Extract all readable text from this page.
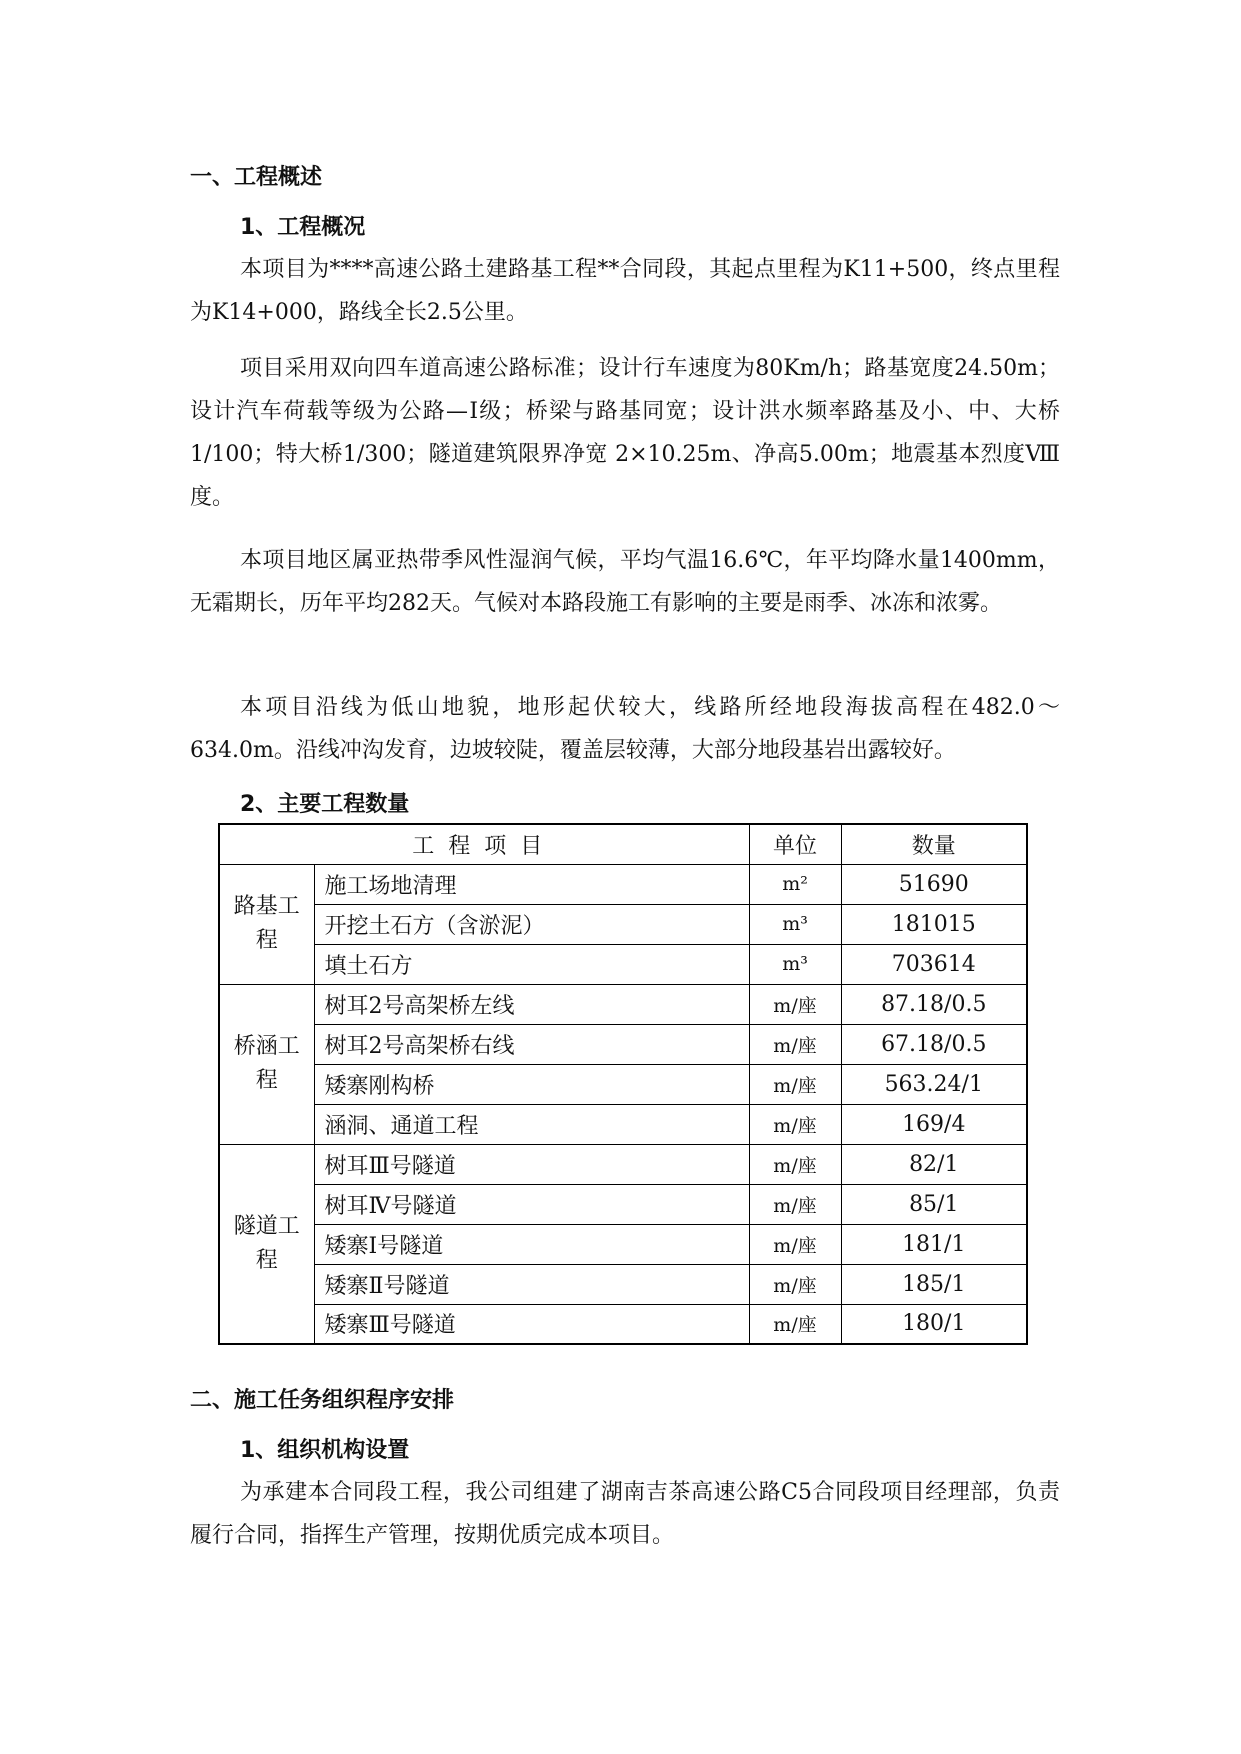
一、工程概述
1、工程概况

本项目为****高速公路土建路基工程**合同段，其起点里程为K11+500，终点里程为K14+000，路线全长2.5公里。

项目采用双向四车道高速公路标准；设计行车速度为80Km/h；路基宽度24.50m；设计汽车荷载等级为公路—Ⅰ级；桥梁与路基同宽；设计洪水频率路基及小、中、大桥1/100；特大桥1/300；隧道建筑限界净宽 2×10.25m、净高5.00m；地震基本烈度Ⅷ度。

本项目地区属亚热带季风性湿润气候，平均气温16.6℃，年平均降水量1400mm，无霜期长，历年平均282天。气候对本路段施工有影响的主要是雨季、冰冻和浓雾。

本项目沿线为低山地貌，地形起伏较大，线路所经地段海拔高程在482.0～634.0m。沿线冲沟发育，边坡较陡，覆盖层较薄，大部分地段基岩出露较好。

2、主要工程数量
工程项目		单位	数量
路基工程	施工场地清理	m²	51690
	开挖土石方（含淤泥）	m³	181015
	填土石方	m³	703614
桥涵工程	树耳2号高架桥左线	m/座	87.18/0.5
	树耳2号高架桥右线	m/座	67.18/0.5
	矮寨刚构桥	m/座	563.24/1
	涵洞、通道工程	m/座	169/4
隧道工程	树耳Ⅲ号隧道	m/座	82/1
	树耳Ⅳ号隧道	m/座	85/1
	矮寨Ⅰ号隧道	m/座	181/1
	矮寨Ⅱ号隧道	m/座	185/1
	矮寨Ⅲ号隧道	m/座	180/1
二、施工任务组织程序安排
1、组织机构设置

为承建本合同段工程，我公司组建了湖南吉茶高速公路C5合同段项目经理部，负责履行合同，指挥生产管理，按期优质完成本项目。
